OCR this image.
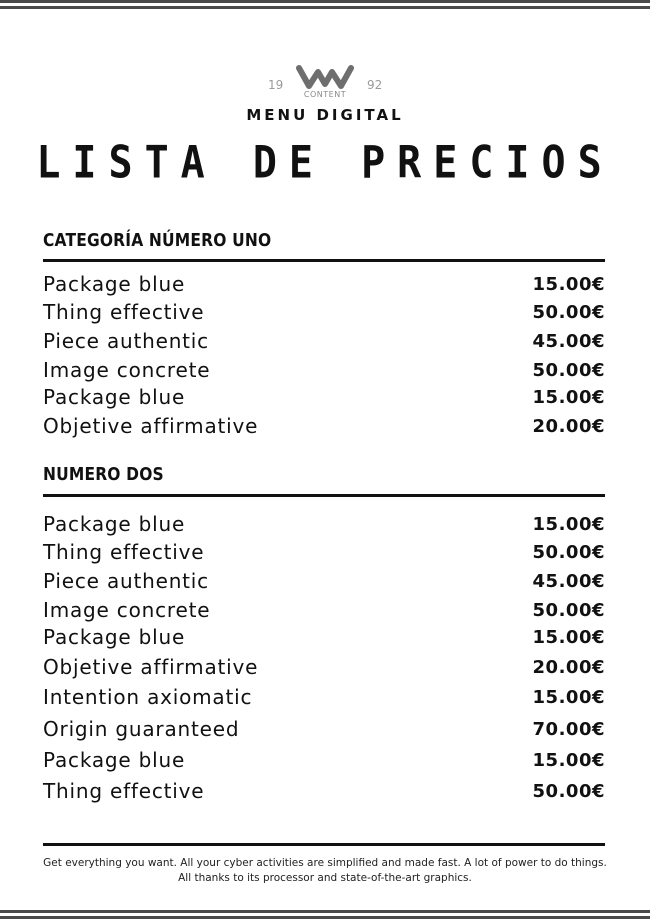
19
CONTENT
92
MENU DIGITAL
LISTA DE PRECIOS
CATEGORÍA NÚMERO UNO
Package blue	15.00€
Thing effective	50.00€
Piece authentic	45.00€
Image concrete	50.00€
Package blue	15.00€
Objetive affirmative	20.00€
NUMERO DOS
Package blue	15.00€
Thing effective	50.00€
Piece authentic	45.00€
Image concrete	50.00€
Package blue	15.00€
Objetive affirmative	20.00€
Intention axiomatic	15.00€
Origin guaranteed	70.00€
Package blue	15.00€
Thing effective	50.00€
Get everything you want. All your cyber activities are simplified and made fast. A lot of power to do things. All thanks to its processor and state-of-the-art graphics.
